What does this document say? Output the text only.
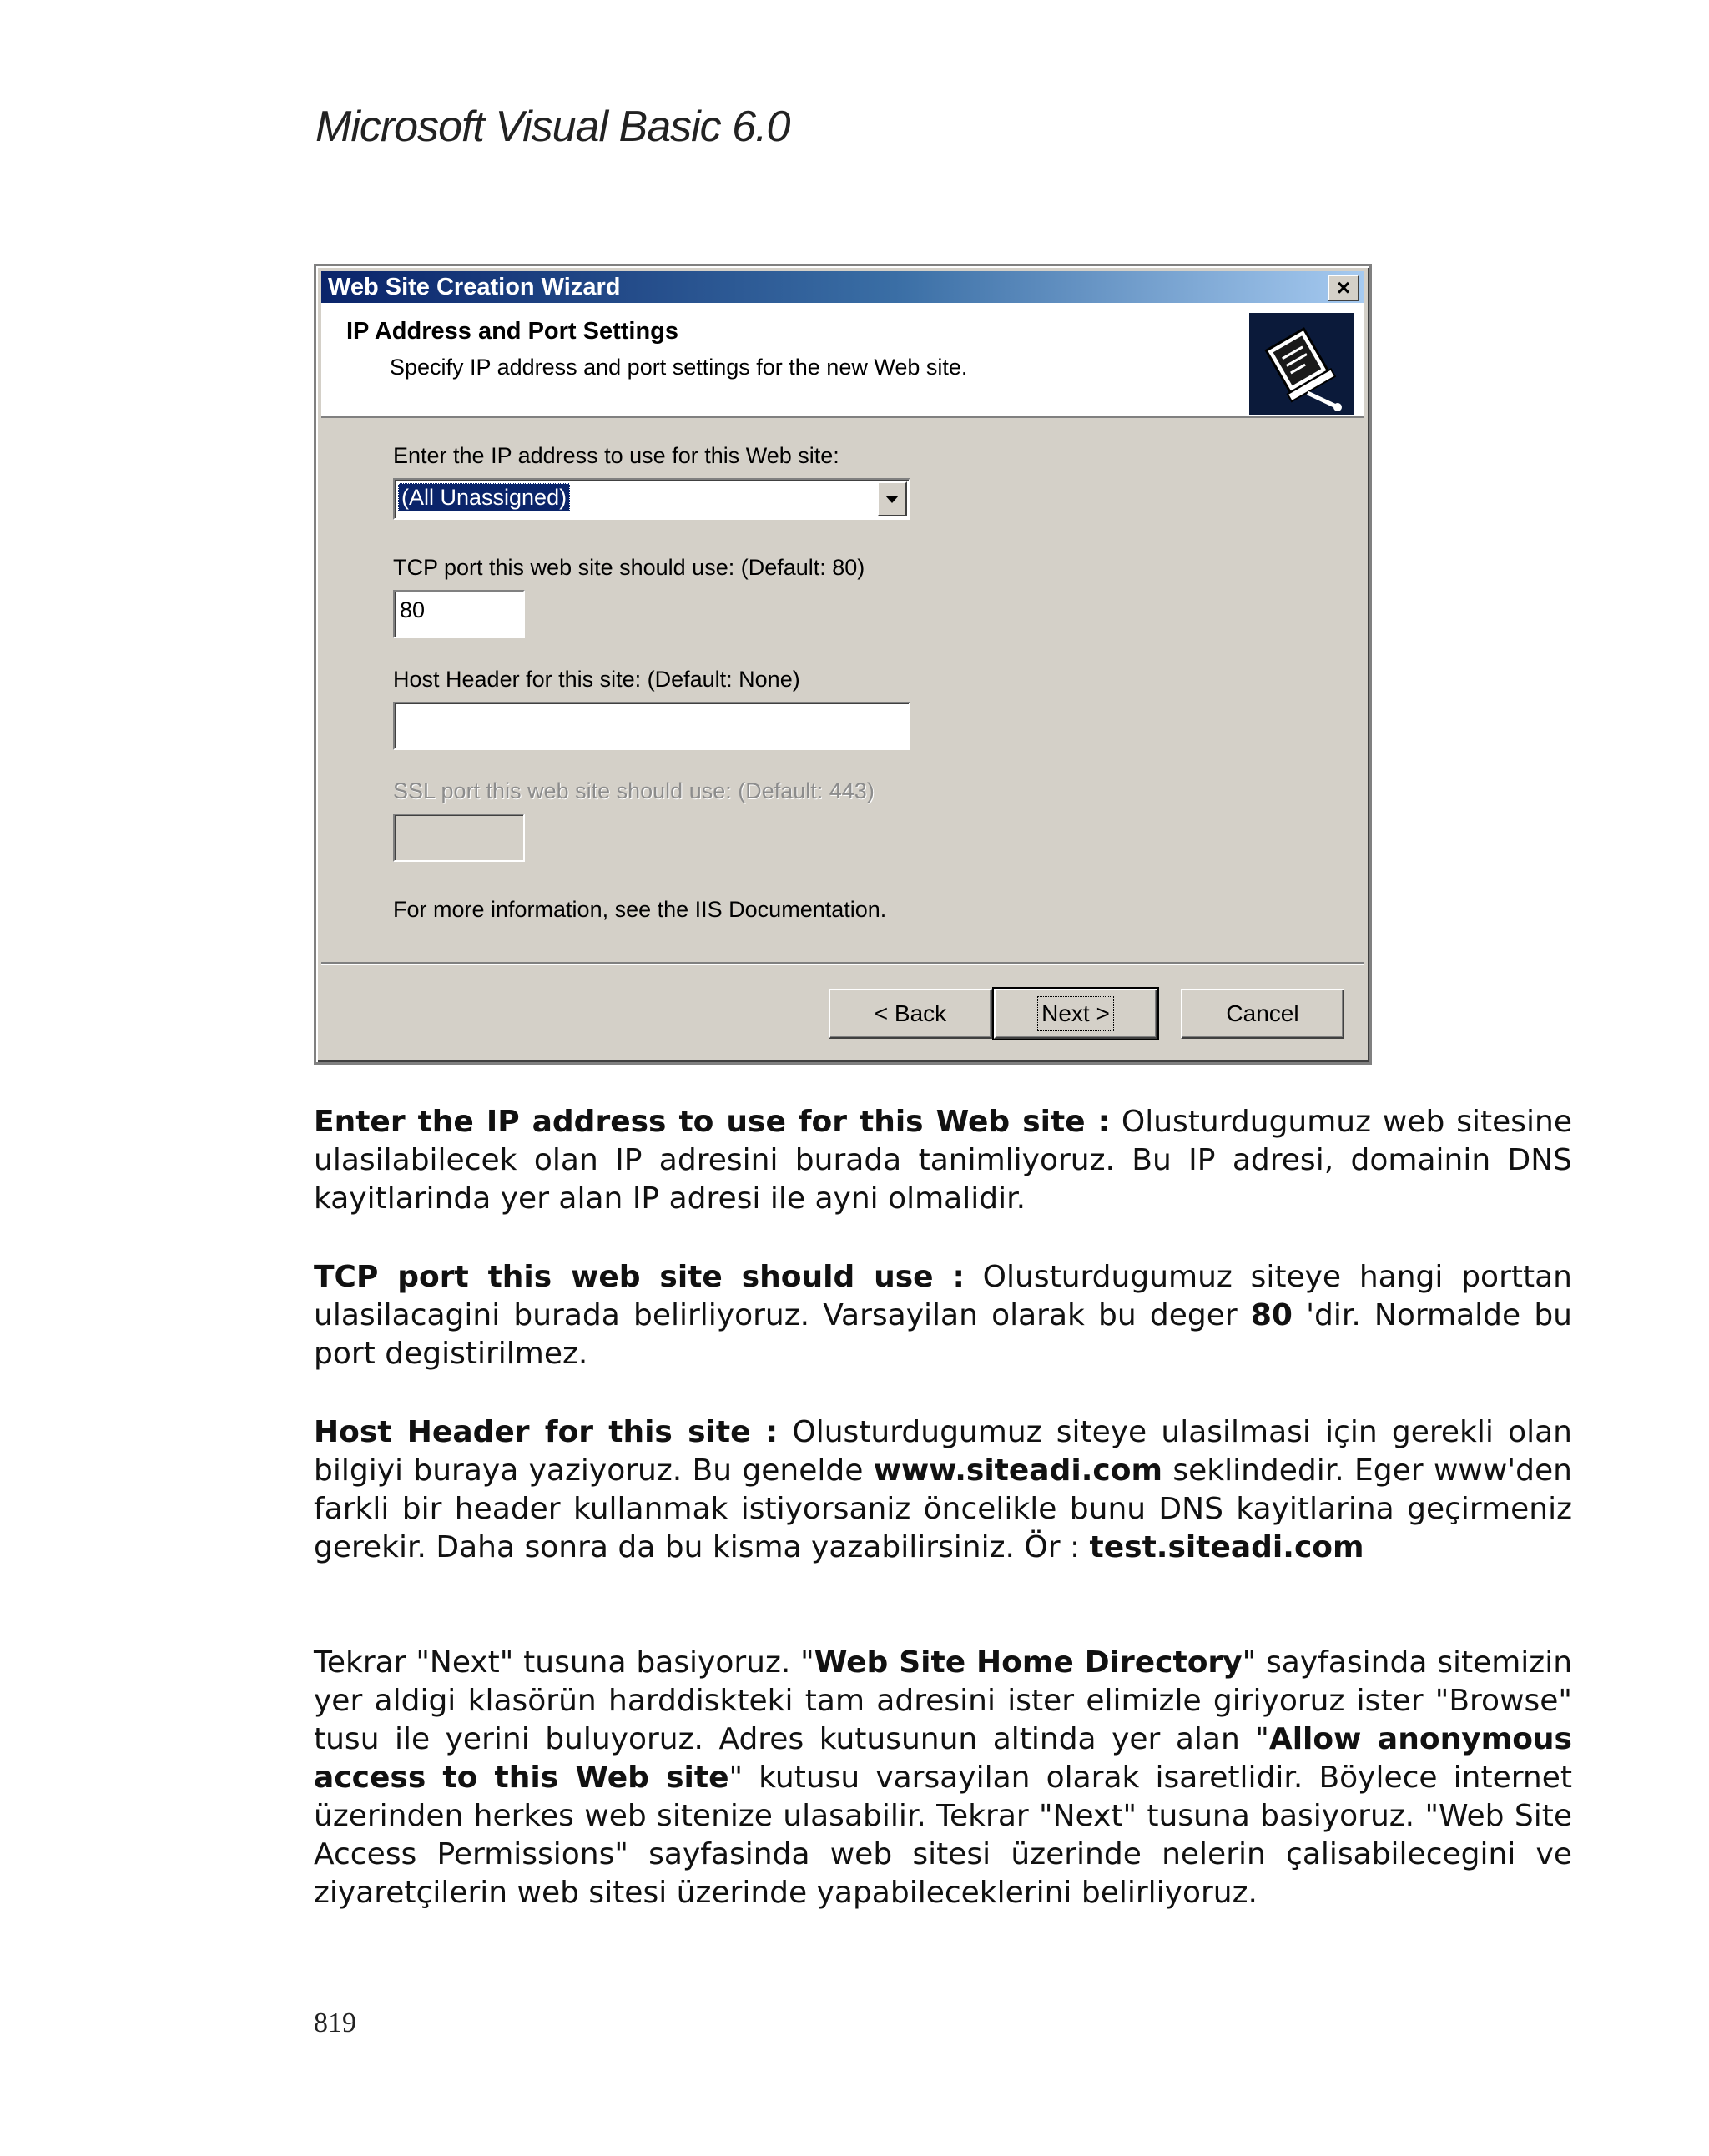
Microsoft Visual Basic 6.0
Web Site Creation Wizard	×
IP Address and Port Settings
Specify IP address and port settings for the new Web site.
Enter the IP address to use for this Web site:
(All Unassigned)
TCP port this web site should use: (Default: 80)
80
Host Header for this site: (Default: None)
SSL port this web site should use: (Default: 443)
For more information, see the IIS Documentation.
< Back	Next >	Cancel

Enter the IP address to use for this Web site : Olusturdugumuz web sitesine ulasilabilecek olan IP adresini burada tanimliyoruz. Bu IP adresi, domainin DNS kayitlarinda yer alan IP adresi ile ayni olmalidir.

TCP port this web site should use : Olusturdugumuz siteye hangi porttan ulasilacagini burada belirliyoruz. Varsayilan olarak bu deger 80 'dir. Normalde bu port degistirilmez.

Host Header for this site : Olusturdugumuz siteye ulasilmasi için gerekli olan bilgiyi buraya yaziyoruz. Bu genelde www.siteadi.com seklindedir. Eger www'den farkli bir header kullanmak istiyorsaniz öncelikle bunu DNS kayitlarina geçirmeniz gerekir. Daha sonra da bu kisma yazabilirsiniz. Ör : test.siteadi.com

Tekrar "Next" tusuna basiyoruz. "Web Site Home Directory" sayfasinda sitemizin yer aldigi klasörün harddiskteki tam adresini ister elimizle giriyoruz ister "Browse" tusu ile yerini buluyoruz. Adres kutusunun altinda yer alan "Allow anonymous access to this Web site" kutusu varsayilan olarak isaretlidir. Böylece internet üzerinden herkes web sitenize ulasabilir. Tekrar "Next" tusuna basiyoruz. "Web Site Access Permissions" sayfasinda web sitesi üzerinde nelerin çalisabilecegini ve ziyaretçilerin web sitesi üzerinde yapabileceklerini belirliyoruz.

819
